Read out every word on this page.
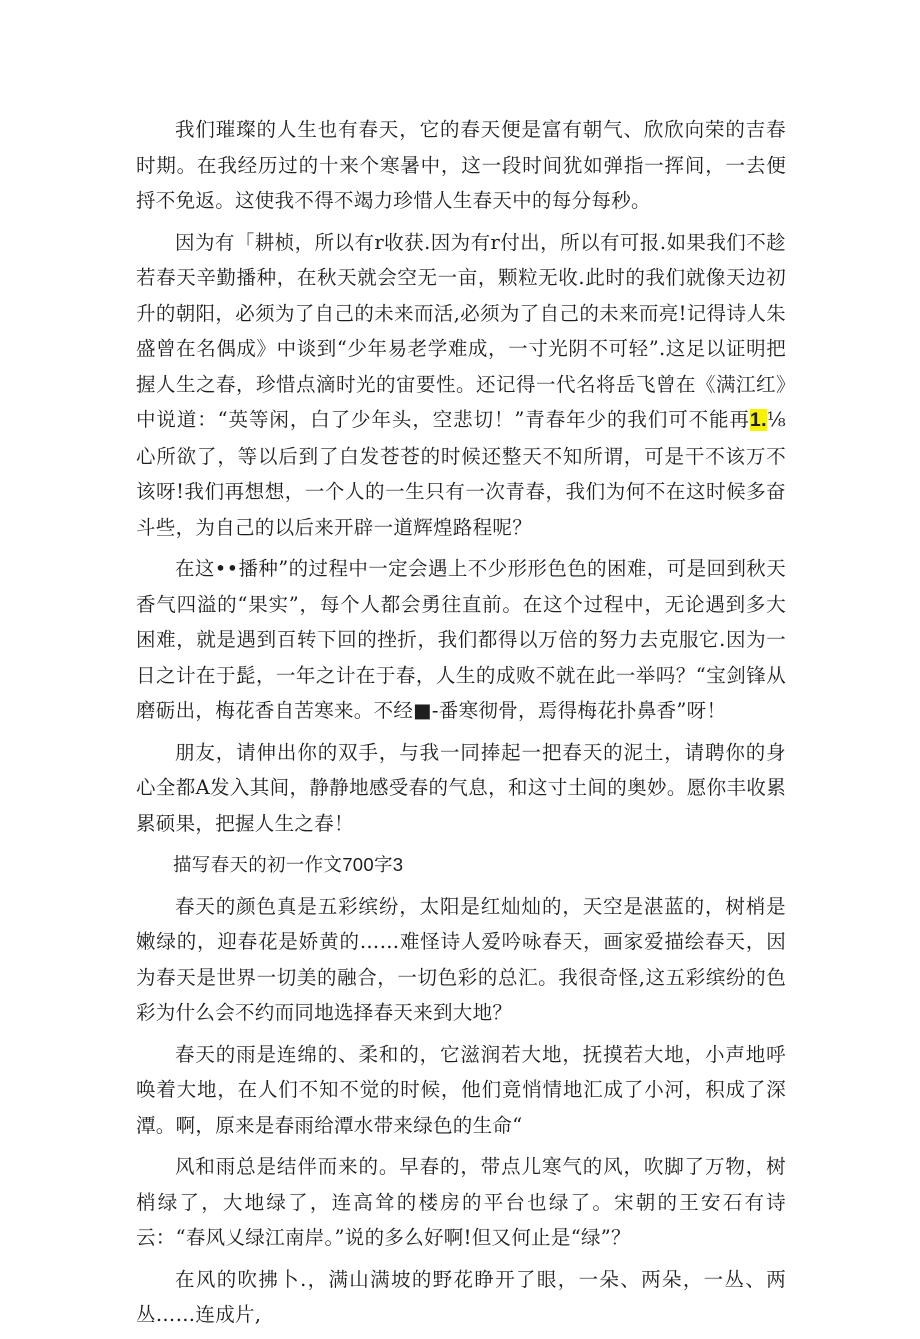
我们璀璨的人生也有春天，它的春天便是富有朝气、欣欣向荣的吉春时期。在我经历过的十来个寒暑中，这一段时间犹如弹指一挥间，一去便捋不免返。这使我不得不竭力珍惜人生春天中的每分每秒。

因为有「耕桢，所以有r收获.因为有r付出，所以有可报.如果我们不趁若春天辛勤播种，在秋天就会空无一亩，颗粒无收.此时的我们就像天边初升的朝阳，必须为了自己的未来而活,必须为了自己的未来而亮!记得诗人朱盛曾在名偶成》中谈到“少年易老学难成，一寸光阴不可轻”.这足以证明把握人生之春，珍惜点滴时光的宙要性。还记得一代名将岳飞曾在《满江红》中说道：“英等闲，白了少年头，空悲切！”青春年少的我们可不能再1.⅛心所欲了，等以后到了白发苍苍的时候还整天不知所谓，可是干不该万不该呀!我们再想想，一个人的一生只有一次青春，我们为何不在这时候多奋斗些，为自己的以后来开辟一道辉煌路程呢？

在这••播种”的过程中一定会遇上不少形形色色的困难，可是回到秋天香气四溢的“果实”，每个人都会勇往直前。在这个过程中，无论遇到多大困难，就是遇到百转下回的挫折，我们都得以万倍的努力去克服它.因为一日之计在于髭，一年之计在于春，人生的成败不就在此一举吗？“宝剑锋从磨砺出，梅花香自苦寒来。不经■-番寒彻骨，焉得梅花扑鼻香”呀！

朋友，请伸出你的双手，与我一同捧起一把春天的泥土，请聘你的身心全都A发入其间，静静地感受春的气息，和这寸土间的奥妙。愿你丰收累累硕果，把握人生之春！

描写春天的初一作文700字3

春天的颜色真是五彩缤纷，太阳是红灿灿的，天空是湛蓝的，树梢是嫩绿的，迎春花是娇黄的……难怪诗人爱吟咏春天，画家爱描绘春天，因为春天是世界一切美的融合，一切色彩的总汇。我很奇怪,这五彩缤纷的色彩为什么会不约而同地选择春天来到大地？

春天的雨是连绵的、柔和的，它滋润若大地，抚摸若大地，小声地呼唤着大地，在人们不知不觉的时候，他们竟悄情地汇成了小河，积成了深潭。啊，原来是春雨给潭水带来绿色的生命“

风和雨总是结伴而来的。早春的，带点儿寒气的风，吹脚了万物，树梢绿了，大地绿了，连高耸的楼房的平台也绿了。宋朝的王安石有诗云：“春风乂绿江南岸。”说的多么好啊!但又何止是“绿”？

在风的吹拂卜.，满山满坡的野花睁开了眼，一朵、两朵，一丛、两丛……连成片,
